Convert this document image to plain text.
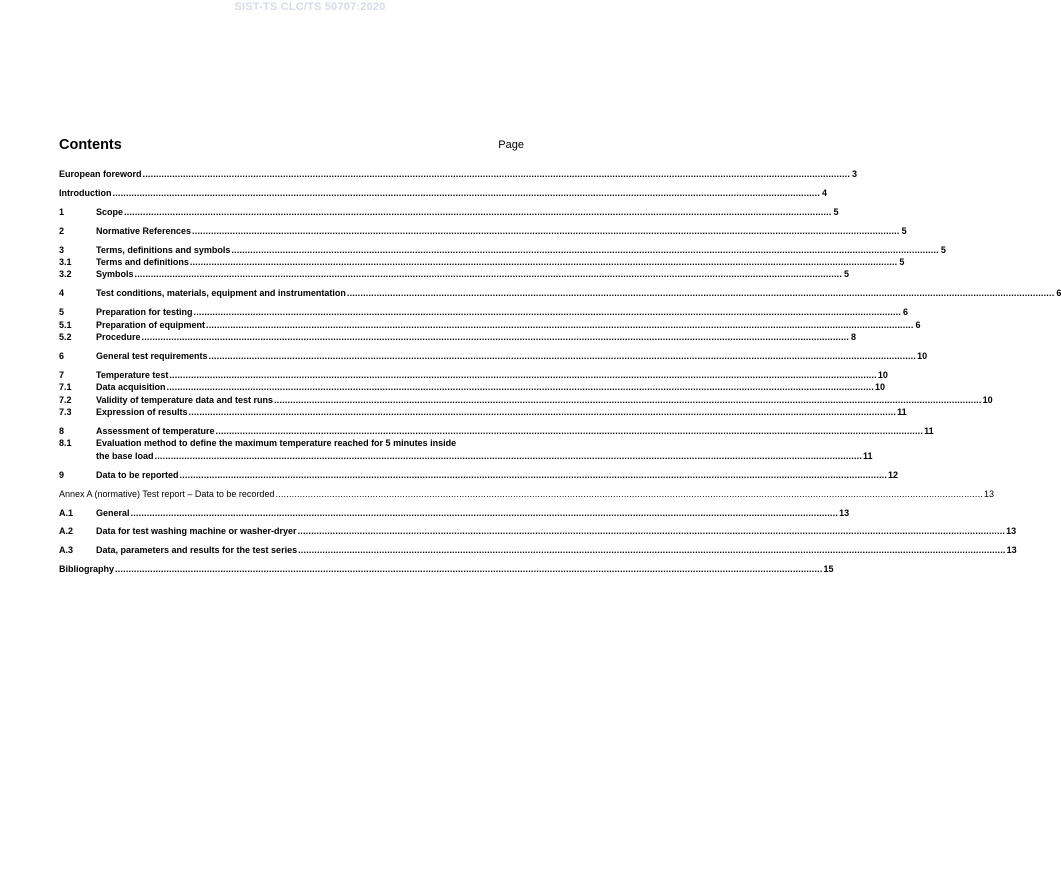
SIST-TS CLC/TS 50707:2020
Contents	Page
European foreword .....	3
Introduction .....	4
1	Scope .....	5
2	Normative References .....	5
3	Terms, definitions and symbols .....	5
3.1	Terms and definitions .....	5
3.2	Symbols .....	5
4	Test conditions, materials, equipment and instrumentation .....	6
5	Preparation for testing .....	6
5.1	Preparation of equipment .....	6
5.2	Procedure .....	8
6	General test requirements .....	10
7	Temperature test .....	10
7.1	Data acquisition .....	10
7.2	Validity of temperature data and test runs .....	10
7.3	Expression of results .....	11
8	Assessment of temperature .....	11
8.1	Evaluation method to define the maximum temperature reached for 5 minutes inside
the base load .....	11
9	Data to be reported .....	12
Annex A (normative) Test report – Data to be recorded .....	13
A.1	General .....	13
A.2	Data for test washing machine or washer-dryer .....	13
A.3	Data, parameters and results for the test series .....	13
Bibliography .....	15
